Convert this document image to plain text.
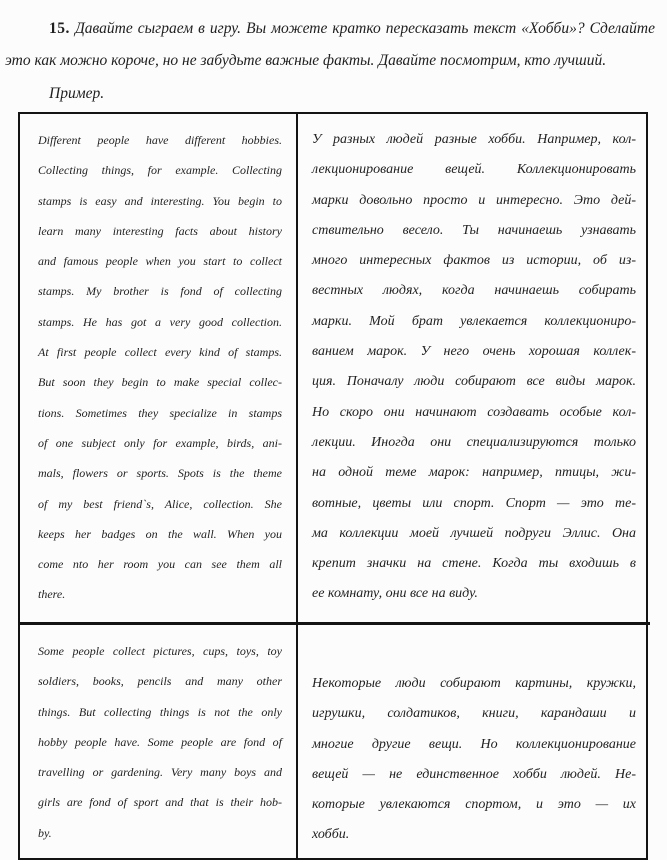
15. Давайте сыграем в игру. Вы можете кратко пересказать текст «Хобби»? Сделайте
это как можно короче, но не забудьте важные факты. Давайте посмотрим, кто лучший.
Пример.
Different people have different hobbies.
Collecting things, for example. Collecting
stamps is easy and interesting. You begin to
learn many interesting facts about history
and famous people when you start to collect
stamps. My brother is fond of collecting
stamps. He has got a very good collection.
At first people collect every kind of stamps.
But soon they begin to make special collec-
tions. Sometimes they specialize in stamps
of one subject only for example, birds, ani-
mals, flowers or sports. Spots is the theme
of my best friend`s, Alice, collection. She
keeps her badges on the wall. When you
come nto her room you can see them all
there.
У разных людей разные хобби. Например, кол-
лекционирование вещей. Коллекционировать
марки довольно просто и интересно. Это дей-
ствительно весело. Ты начинаешь узнавать
много интересных фактов из истории, об из-
вестных людях, когда начинаешь собирать
марки. Мой брат увлекается коллекциониро-
ванием марок. У него очень хорошая коллек-
ция. Поначалу люди собирают все виды марок.
Но скоро они начинают создавать особые кол-
лекции. Иногда они специализируются только
на одной теме марок: например, птицы, жи-
вотные, цветы или спорт. Спорт — это те-
ма коллекции моей лучшей подруги Эллис. Она
крепит значки на стене. Когда ты входишь в
ее комнату, они все на виду.
Some people collect pictures, cups, toys, toy
soldiers, books, pencils and many other
things. But collecting things is not the only
hobby people have. Some people are fond of
travelling or gardening. Very many boys and
girls are fond of sport and that is their hob-
by.
Некоторые люди собирают картины, кружки,
игрушки, солдатиков, книги, карандаши и
многие другие вещи. Но коллекционирование
вещей — не единственное хобби людей. Не-
которые увлекаются спортом, и это — их
хобби.
